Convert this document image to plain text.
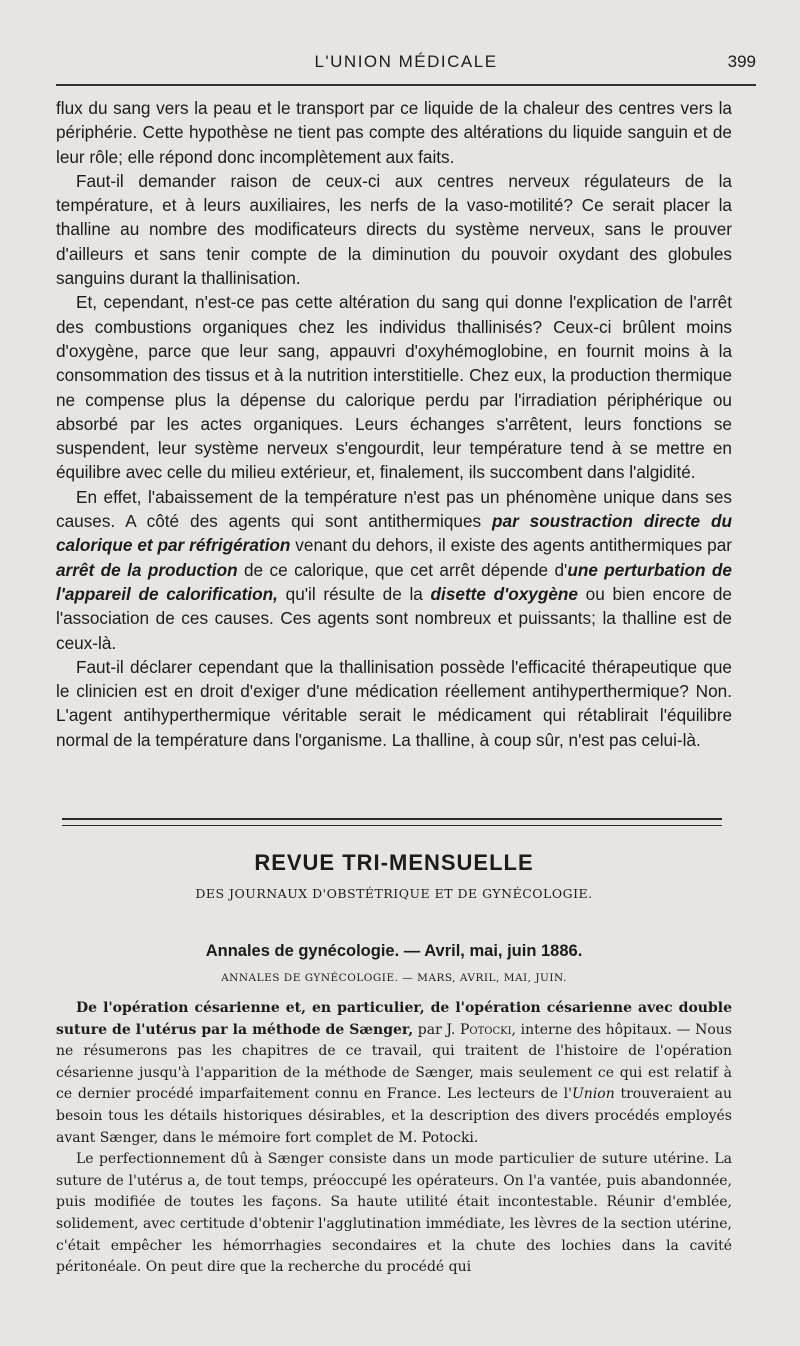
L'UNION MÉDICALE	399

flux du sang vers la peau et le transport par ce liquide de la chaleur des centres vers la périphérie. Cette hypothèse ne tient pas compte des altérations du liquide sanguin et de leur rôle; elle répond donc incomplètement aux faits.

Faut-il demander raison de ceux-ci aux centres nerveux régulateurs de la température, et à leurs auxiliaires, les nerfs de la vaso-motilité? Ce serait placer la thalline au nombre des modificateurs directs du système nerveux, sans le prouver d'ailleurs et sans tenir compte de la diminution du pouvoir oxydant des globules sanguins durant la thallinisation.

Et, cependant, n'est-ce pas cette altération du sang qui donne l'explication de l'arrêt des combustions organiques chez les individus thallinisés? Ceux-ci brûlent moins d'oxygène, parce que leur sang, appauvri d'oxyhémoglobine, en fournit moins à la consommation des tissus et à la nutrition interstitielle. Chez eux, la production thermique ne compense plus la dépense du calorique perdu par l'irradiation périphérique ou absorbé par les actes organiques. Leurs échanges s'arrêtent, leurs fonctions se suspendent, leur système nerveux s'engourdit, leur température tend à se mettre en équilibre avec celle du milieu extérieur, et, finalement, ils succombent dans l'algidité.

En effet, l'abaissement de la température n'est pas un phénomène unique dans ses causes. A côté des agents qui sont antithermiques par soustraction directe du calorique et par réfrigération venant du dehors, il existe des agents antithermiques par arrêt de la production de ce calorique, que cet arrêt dépende d'une perturbation de l'appareil de calorification, qu'il résulte de la disette d'oxygène ou bien encore de l'association de ces causes. Ces agents sont nombreux et puissants; la thalline est de ceux-là.

Faut-il déclarer cependant que la thallinisation possède l'efficacité thérapeutique que le clinicien est en droit d'exiger d'une médication réellement antihyperthermique? Non. L'agent antihyperthermique véritable serait le médicament qui rétablirait l'équilibre normal de la température dans l'organisme. La thalline, à coup sûr, n'est pas celui-là.

REVUE TRI-MENSUELLE
DES JOURNAUX D'OBSTÉTRIQUE ET DE GYNÉCOLOGIE.
Annales de gynécologie. — Avril, mai, juin 1886.
ANNALES DE GYNÉCOLOGIE. — MARS, AVRIL, MAI, JUIN.

De l'opération césarienne et, en particulier, de l'opération césarienne avec double suture de l'utérus par la méthode de Sænger, par J. Potocki, interne des hôpitaux. — Nous ne résumerons pas les chapitres de ce travail, qui traitent de l'histoire de l'opération césarienne jusqu'à l'apparition de la méthode de Sænger, mais seulement ce qui est relatif à ce dernier procédé imparfaitement connu en France. Les lecteurs de l'Union trouveraient au besoin tous les détails historiques désirables, et la description des divers procédés employés avant Sænger, dans le mémoire fort complet de M. Potocki.

Le perfectionnement dû à Sænger consiste dans un mode particulier de suture utérine. La suture de l'utérus a, de tout temps, préoccupé les opérateurs. On l'a vantée, puis abandonnée, puis modifiée de toutes les façons. Sa haute utilité était incontestable. Réunir d'emblée, solidement, avec certitude d'obtenir l'agglutination immédiate, les lèvres de la section utérine, c'était empêcher les hémorrhagies secondaires et la chute des lochies dans la cavité péritonéale. On peut dire que la recherche du procédé qui
